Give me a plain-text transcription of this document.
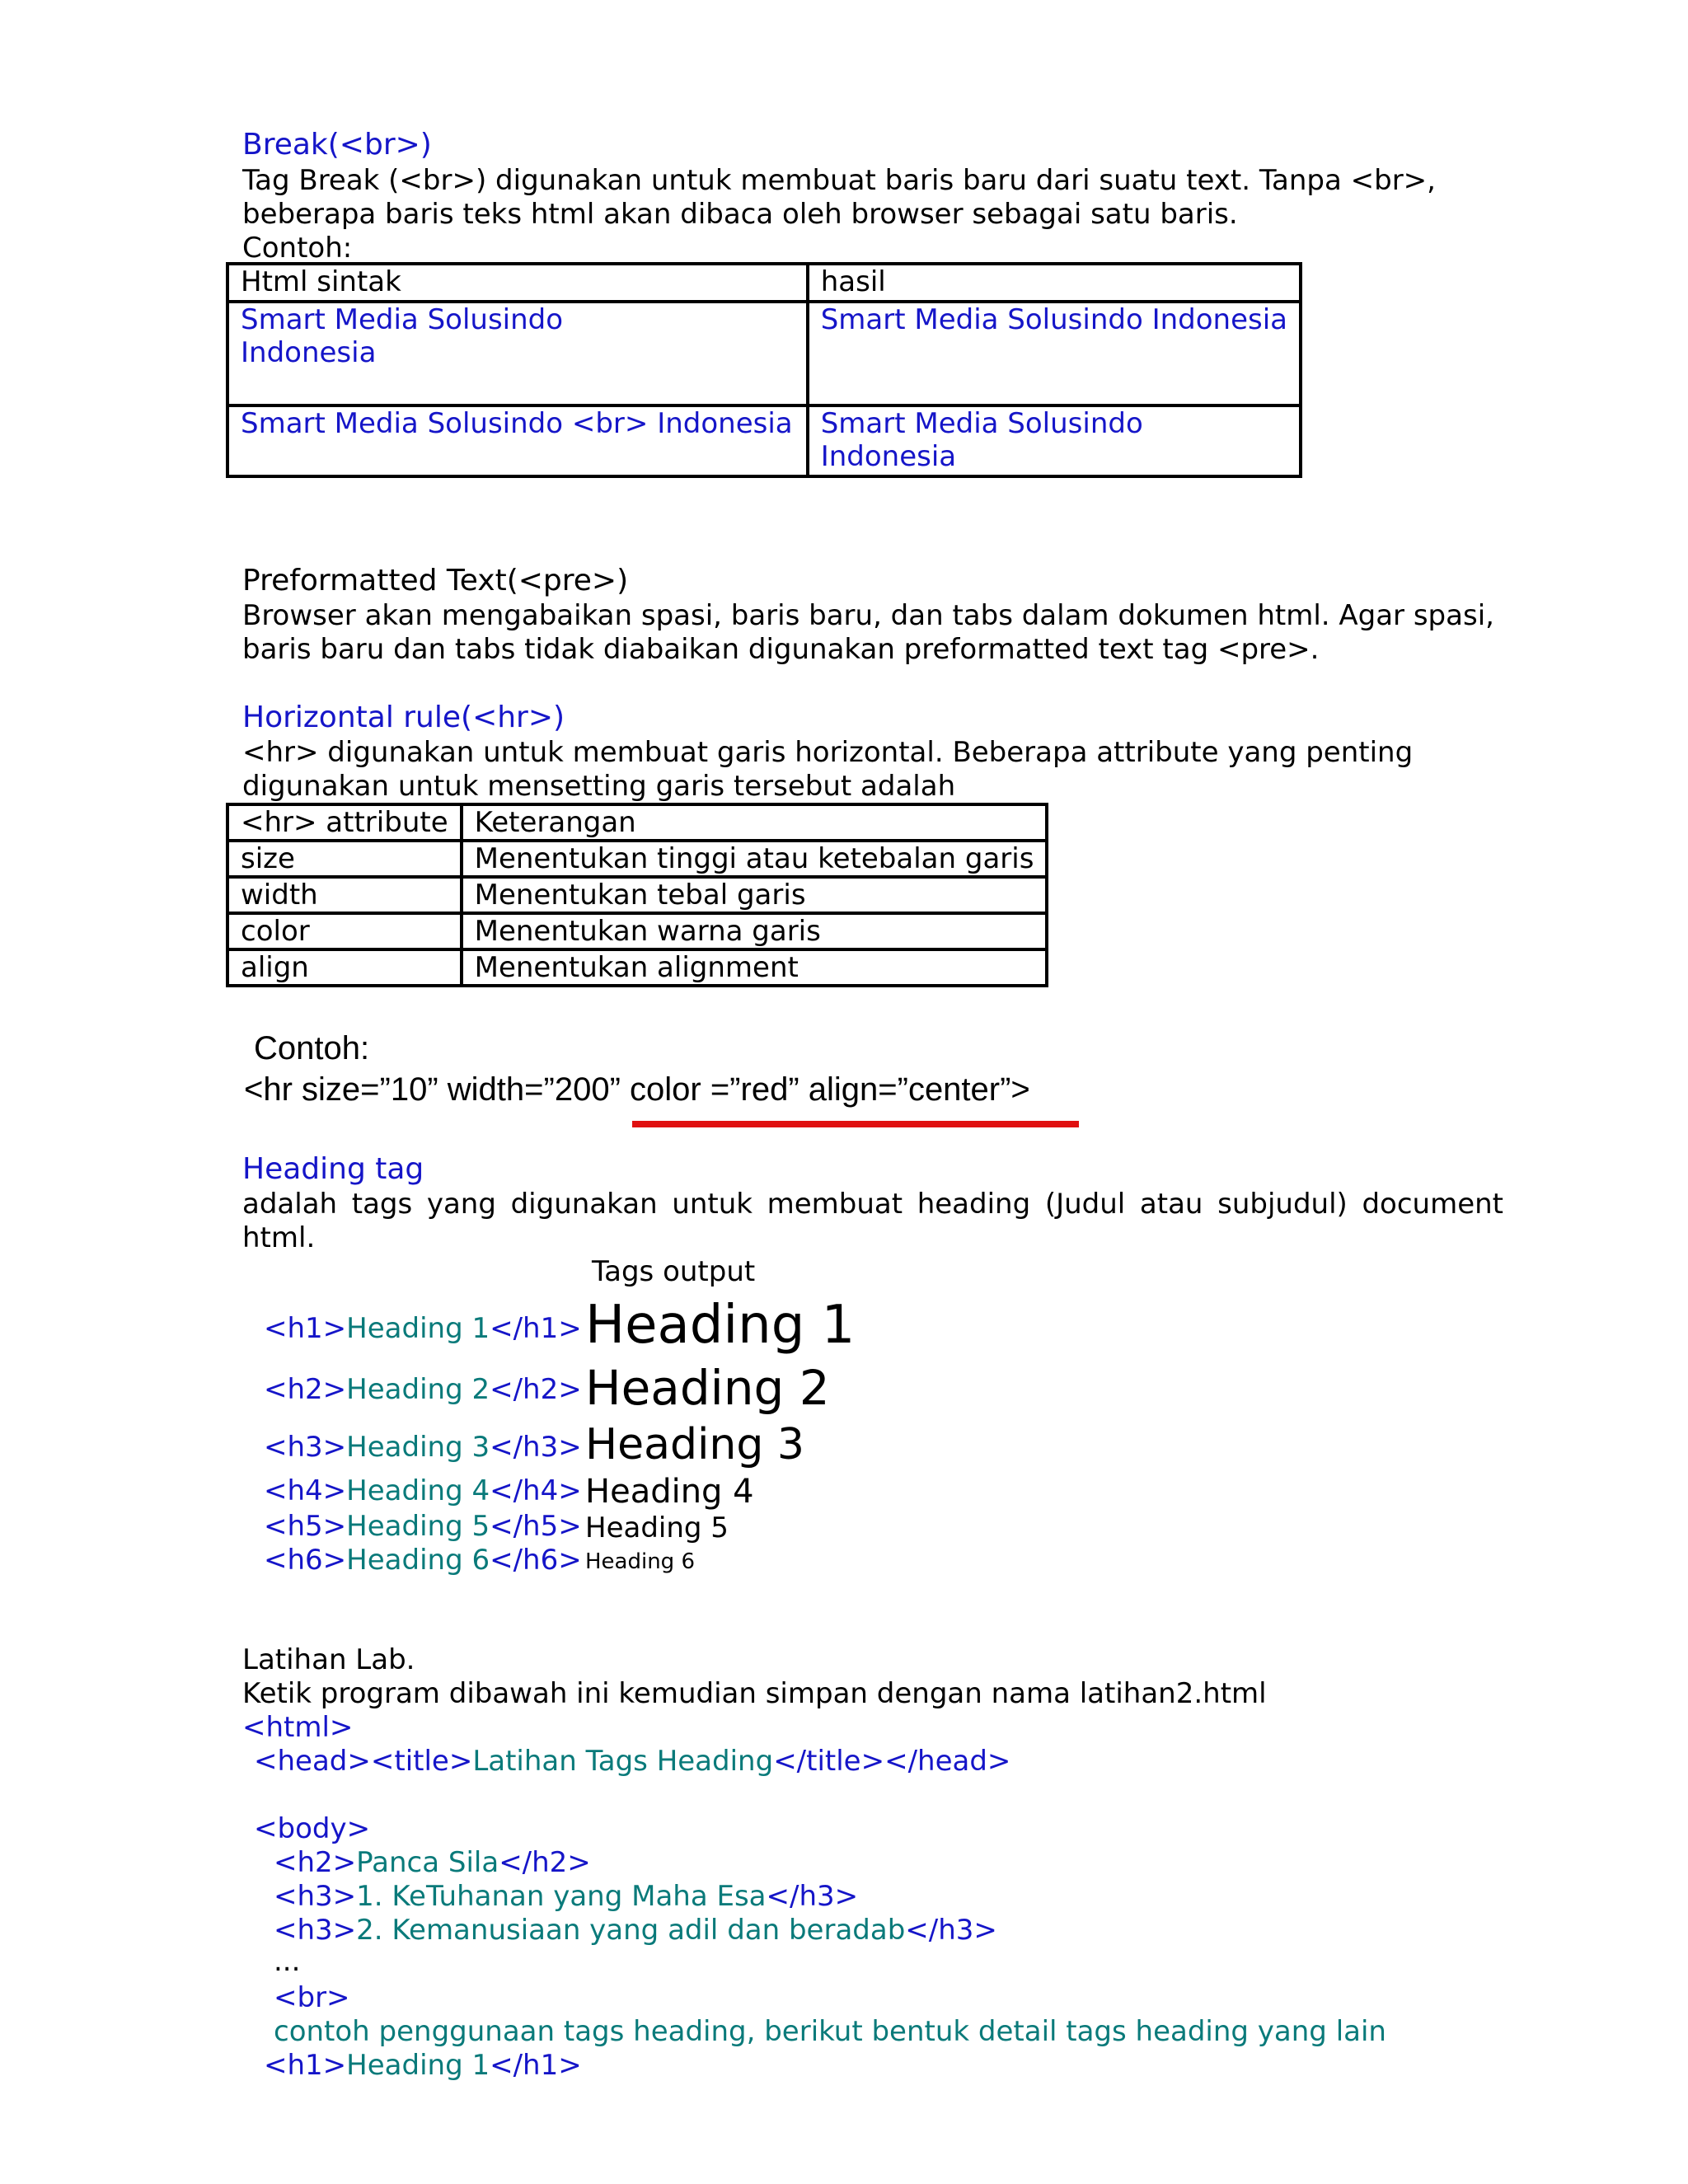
Break(<br>)
Tag Break (<br>) digunakan untuk membuat baris baru dari suatu text. Tanpa <br>,
beberapa baris teks html akan dibaca oleh browser sebagai satu baris.
Contoh:
Html sintak	hasil

Smart Media Solusindo
Indonesia	Smart Media Solusindo Indonesia

Smart Media Solusindo <br> Indonesia	Smart Media Solusindo
Indonesia
Preformatted Text(<pre>)
Browser akan mengabaikan spasi, baris baru, dan tabs dalam dokumen html. Agar spasi,
baris baru dan tabs tidak diabaikan digunakan preformatted text tag <pre>.
Horizontal rule(<hr>)
<hr> digunakan untuk membuat garis horizontal. Beberapa attribute yang penting
digunakan untuk mensetting garis tersebut adalah
<hr> attribute	Keterangan
size	Menentukan tinggi atau ketebalan garis
width	Menentukan tebal garis
color	Menentukan warna garis
align	Menentukan alignment
Contoh:
<hr size=”10” width=”200” color =”red” align=”center”>
Heading tag
adalah tags yang digunakan untuk membuat heading (Judul atau subjudul) document
html.
Tags output
<h1>Heading 1</h1> Heading 1
<h2>Heading 2</h2> Heading 2
<h3>Heading 3</h3> Heading 3
<h4>Heading 4</h4> Heading 4
<h5>Heading 5</h5> Heading 5
<h6>Heading 6</h6> Heading 6
Latihan Lab.
Ketik program dibawah ini kemudian simpan dengan nama latihan2.html
<html>
<head><title>Latihan Tags Heading</title></head>
<body>
<h2>Panca Sila</h2>
<h3>1. KeTuhanan yang Maha Esa</h3>
<h3>2. Kemanusiaan yang adil dan beradab</h3>
...
<br>
contoh penggunaan tags heading, berikut bentuk detail tags heading yang lain
<h1>Heading 1</h1>
